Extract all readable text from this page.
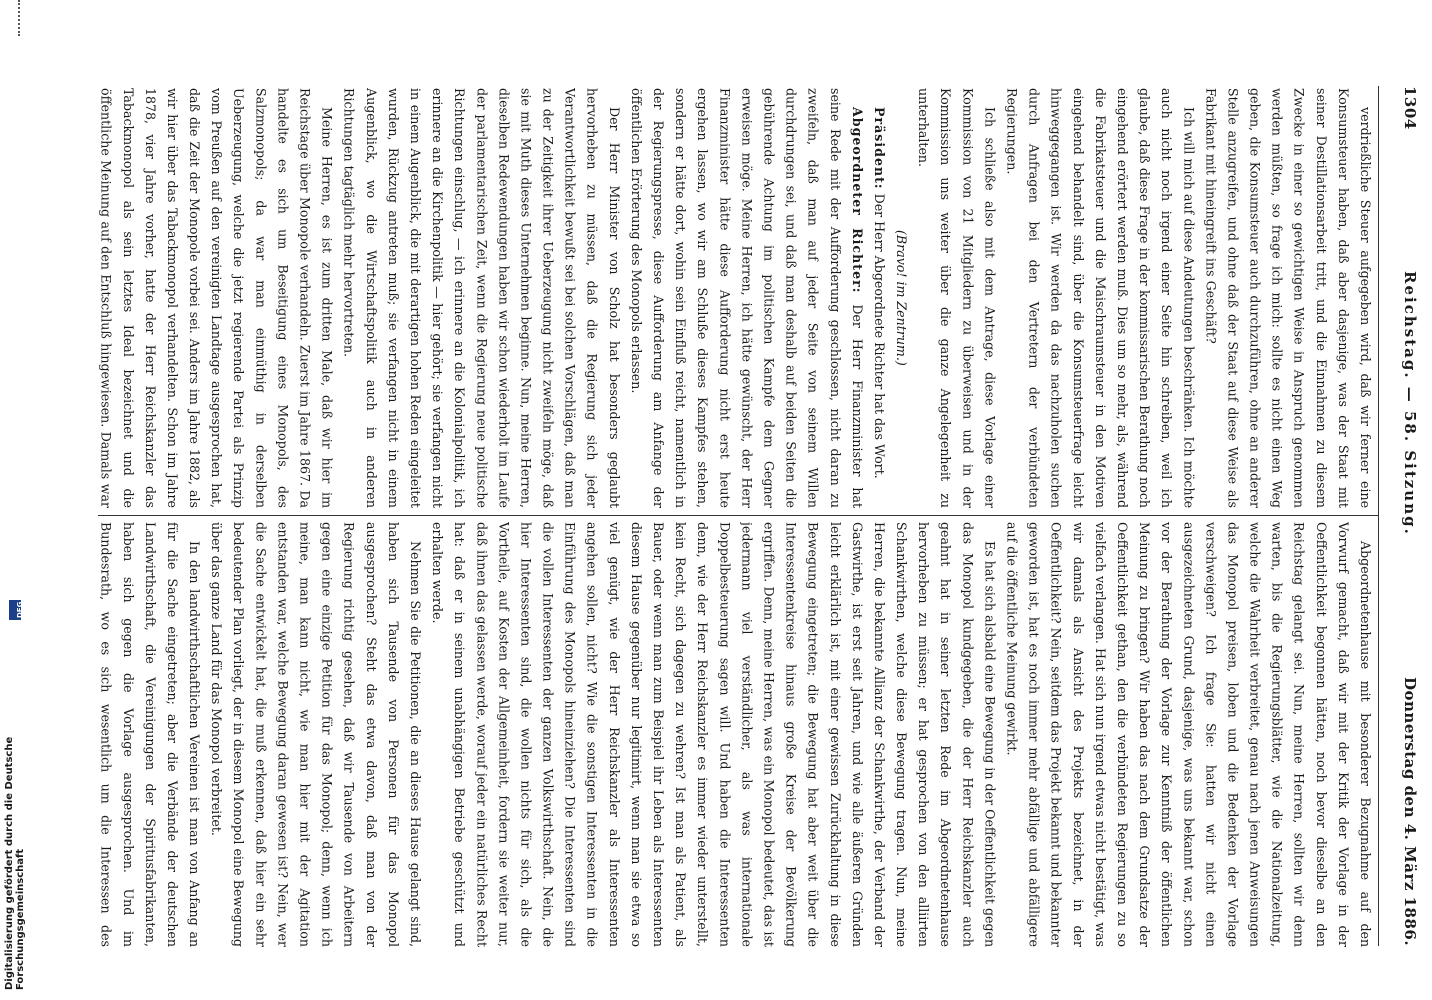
1304
Reichstag. — 58. Sitzung.
Donnerstag den 4. März 1886.

verdrießliche Steuer aufgegeben wird, daß wir ferner eine Konsumsteuer haben, daß aber dasjenige, was der Staat mit seiner Destillationsarbeit tritt, und die Einnahmen zu diesem Zwecke in einer so gewichtigen Weise in Anspruch genommen werden müßten, so frage ich mich: sollte es nicht einen Weg geben, die Konsumsteuer auch durchzuführen, ohne an anderer Stelle anzugreifen, und ohne daß der Staat auf diese Weise als Fabrikant mit hineingreift ins Geschäft?

Ich will mich auf diese Andeutungen beschränken. Ich möchte auch nicht noch irgend einer Seite hin schreiben, weil ich glaube, daß diese Frage in der kommissarischen Berathung noch eingehend erörtert werden muß. Dies um so mehr, als, während die Fabrikatsteuer und die Maischraumsteuer in den Motiven eingehend behandelt sind, über die Konsumsteuerfrage leicht hinweggegangen ist. Wir werden da das nachzuholen suchen durch Anfragen bei den Vertretern der verbündeten Regierungen.

Ich schließe also mit dem Antrage, diese Vorlage einer Kommission von 21 Mitgliedern zu überweisen und in der Kommission uns weiter über die ganze Angelegenheit zu unterhalten.

(Bravo! im Zentrum.)

Präsident: Der Herr Abgeordnete Richter hat das Wort.

Abgeordneter Richter: Der Herr Finanzminister hat seine Rede mit der Aufforderung geschlossen, nicht daran zu zweifeln, daß man auf jeder Seite von seinem Willen durchdrungen sei, und daß man deshalb auf beiden Seiten die gebührende Achtung im politischen Kampfe dem Gegner erweisen möge. Meine Herren, ich hätte gewünscht, der Herr Finanzminister hätte diese Aufforderung nicht erst heute ergehen lassen, wo wir am Schluße dieses Kampfes stehen, sondern er hätte dort, wohin sein Einfluß reicht, namentlich in der Regierungspresse, diese Aufforderung am Anfange der öffentlichen Erörterung des Monopols erlassen.

Der Herr Minister von Scholz hat besonders geglaubt hervorheben zu müssen, daß die Regierung sich jeder Verantwortlichkeit bewußt sei bei solchen Vorschlägen, daß man zu der Zeitigkeit ihrer Ueberzeugung nicht zweifeln möge, daß sie mit Muth dieses Unternehmen beginne. Nun, meine Herren, dieselben Redewendungen haben wir schon wiederholt im Laufe der parlamentarischen Zeit, wenn die Regierung neue politische Richtungen einschlug, — ich erinnere an die Kolonialpolitik, ich erinnere an die Kirchenpolitik — hier gehört; sie verfangen nicht in einem Augenblick, die mit derartigen hohen Reden eingeleitet wurden, Rückzug antreten muß; sie verfangen nicht in einem Augenblick, wo die Wirtschaftspolitik auch in anderen Richtungen tagtäglich mehr hervortreten.

Meine Herren, es ist zum dritten Male, daß wir hier im Reichstage über Monopole verhandeln. Zuerst im Jahre 1867. Da handelte es sich um Beseitigung eines Monopols, des Salzmonopols; da war man einmüthig in derselben Ueberzeugung, welche die jetzt regierende Partei als Prinzip vom Preußen auf den vereinigten Landtage ausgesprochen hat, daß die Zeit der Monopole vorbei sei. Anders im Jahre 1882, als wir hier über das Tabackmonopol verhandelten. Schon im Jahre 1878, vier Jahre vorher, hatte der Herr Reichskanzler das Tabackmonopol als sein letztes Ideal bezeichnet und die öffentliche Meinung auf den Entschluß hingewiesen. Damals war

Abgeordnetenhause mit besonderer Bezugnahme auf den Vorwurf gemacht, daß wir mit der Kritik der Vorlage in der Oeffentlichkeit begonnen hätten, noch bevor dieselbe an den Reichstag gelangt sei. Nun, meine Herren, sollten wir denn warten, bis die Regierungsblätter, wie die Nationalzeitung, welche die Wahrheit verbreitet, genau nach jenen Anweisungen das Monopol preisen, loben und die Bedenken der Vorlage verschweigen? Ich frage Sie: hatten wir nicht einen ausgezeichneten Grund, dasjenige, was uns bekannt war, schon vor der Berathung der Vorlage zur Kenntniß der öffentlichen Meinung zu bringen? Wir haben das nach dem Grundsatze der Oeffentlichkeit gethan, den die verbündeten Regierungen zu so vielfach verlangen. Hat sich nun irgend etwas nicht bestätigt, was wir damals als Ansicht des Projekts bezeichnet, in der Oeffentlichkeit? Nein, seitdem das Projekt bekannt und bekannter geworden ist, hat es noch immer mehr abfällige und abfälligere auf die öffentliche Meinung gewirkt.

Es hat sich alsbald eine Bewegung in der Oeffentlichkeit gegen das Monopol kundgegeben, die der Herr Reichskanzler auch geahnt hat in seiner letzten Rede im Abgeordnetenhause hervorheben zu müssen; er hat gesprochen von den alliirten Schankwirthen, welche diese Bewegung tragen. Nun, meine Herren, die bekannte Allianz der Schankwirthe, der Verband der Gastwirthe, ist erst seit Jahren, und wie alle äußeren Gründen leicht erklärlich ist, mit einer gewissen Zurückhaltung in diese Bewegung eingetreten; die Bewegung hat aber weit über die Interessentenkreise hinaus große Kreise der Bevölkerung ergriffen. Denn, meine Herren, was ein Monopol bedeutet, das ist jedermann viel verständlicher, als was internationale Doppelbesteuerung sagen will. Und haben die Interessenten denn, wie der Herr Reichskanzler es immer wieder unterstellt, kein Recht, sich dagegen zu wehren? Ist man als Patient, als Bauer, oder wenn man zum Beispiel ihr Leben als Interessenten diesem Hause gegenüber nur legitimirt, wenn man sie etwa so viel genügt, wie der Herr Reichskanzler als Interessenten angehen sollen, nicht? Wie die sonstigen Interessenten in die Einführung des Monopols hineinziehen? Die Interessenten sind die vollen Interessenten der ganzen Volkswirthschaft. Nein, die hier Interessenten sind, die wollen nichts für sich, als die Vortheile, auf Kosten der Allgemeinheit, fordern sie weiter nur, daß ihnen das gelassen werde, worauf jeder ein natürliches Recht hat: daß er in seinem unabhängigen Betriebe geschützt und erhalten werde.

Nehmen Sie die Petitionen, die an dieses Hause gelangt sind, haben sich Tausende von Personen für das Monopol ausgesprochen? Steht das etwa davon, daß man von der Regierung richtig gesehen, daß wir Tausende von Arbeitern gegen eine einzige Petition für das Monopol; denn, wenn ich meine, man kann nicht, wie man hier mit der Agitation entstanden war, welche Bewegung daran gewesen ist? Nein, wer die Sache entwickelt hat, die muß erkennen, daß hier ein sehr bedeutender Plan vorliegt, der in diesem Monopol eine Bewegung über das ganze Land für das Monopol verbreitet.

In den landwirthschaftlichen Vereinen ist man von Anfang an für die Sache eingetreten; aber die Verbände der deutschen Landwirthschaft, die Vereinigungen der Spiritusfabrikanten, haben sich gegen die Vorlage ausgesprochen. Und im Bundesrath, wo es sich wesentlich um die Interessen des

Digitalisierung gefördert durch die Deutsche Forschungsgemeinschaft
DFG
